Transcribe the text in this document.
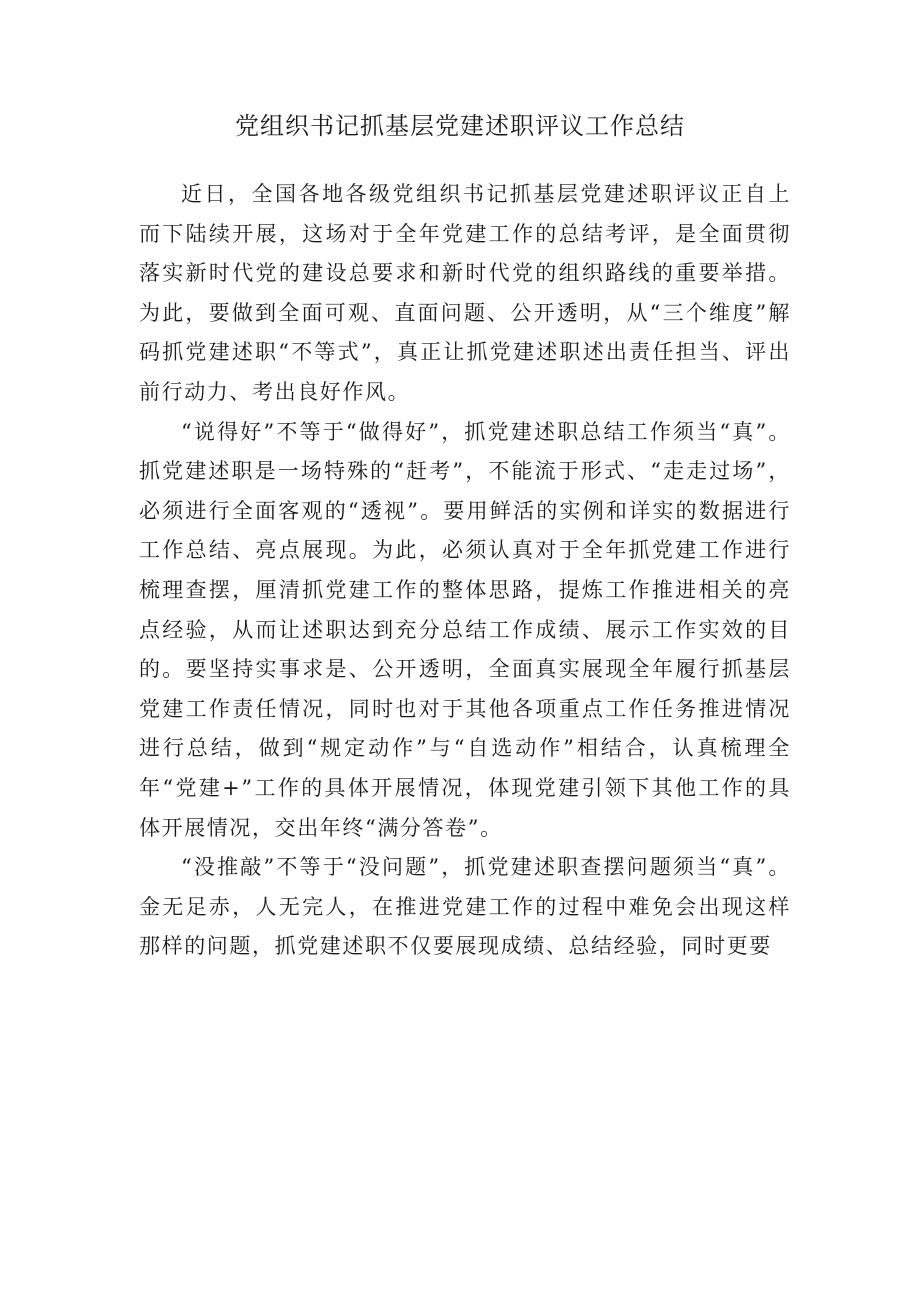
党组织书记抓基层党建述职评议工作总结

近日，全国各地各级党组织书记抓基层党建述职评议正自上而下陆续开展，这场对于全年党建工作的总结考评，是全面贯彻落实新时代党的建设总要求和新时代党的组织路线的重要举措。为此，要做到全面可观、直面问题、公开透明，从“三个维度”解码抓党建述职“不等式”，真正让抓党建述职述出责任担当、评出前行动力、考出良好作风。

“说得好”不等于“做得好”，抓党建述职总结工作须当“真”。抓党建述职是一场特殊的“赶考”，不能流于形式、“走走过场”，必须进行全面客观的“透视”。要用鲜活的实例和详实的数据进行工作总结、亮点展现。为此，必须认真对于全年抓党建工作进行梳理查摆，厘清抓党建工作的整体思路，提炼工作推进相关的亮点经验，从而让述职达到充分总结工作成绩、展示工作实效的目的。要坚持实事求是、公开透明，全面真实展现全年履行抓基层党建工作责任情况，同时也对于其他各项重点工作任务推进情况进行总结，做到“规定动作”与“自选动作”相结合，认真梳理全年“党建+”工作的具体开展情况，体现党建引领下其他工作的具体开展情况，交出年终“满分答卷”。

“没推敲”不等于“没问题”，抓党建述职查摆问题须当“真”。金无足赤，人无完人，在推进党建工作的过程中难免会出现这样那样的问题，抓党建述职不仅要展现成绩、总结经验，同时更要
